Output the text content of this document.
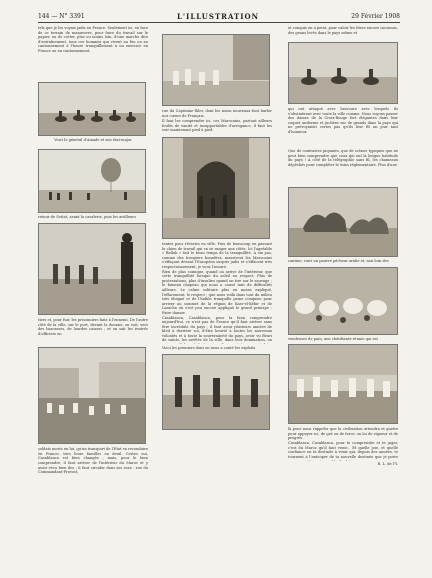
144 — N° 3391	L'ILLUSTRATION	29 Février 1908
tels que je les voyais jadis en France. Seulement ici, en face de ce terrain de manœuvre, pour fuire du travail sur le papier, ou de cotter, plus ou moins loin, d'une marche dite d'entraînement, tous ces hommes qui vivent au feu ou au cantonnement à l'heure tranquillement à un exercice en France ou en cantonnement.
Voici le général d'Amade et son état-major
retour de Settat, avant la cavalerie, puis les artilleurs
tiers et, pour fuir, les prisonniers faits à l'ennemi. De l'autre côté de la ville, sur le port, devant la douane, on voit, vers des barcasses, de lourdes caisses ; et on sait les rentrés d'officiers en
soldats morts en lui, qu'un transport de l'État va reconduire en France, vers leurs familles en deuil. Certes oui, Casablanca est bien changée ; mais, pour le bien comprendre, il faut arriver de l'intérieur du Maroc et y avoir vécu bien des ; il faut circuler dans ses rues : rue du Commandant-Provost,
rue du Capitaine-Ihler, dont les noms nouveaux font hurler nos cœurs de Français.
Il faut les comprendre ici, ces Marocains, partout ailleurs foulés de vanité et insupportables d'arrogance, il faut les voir maintenant pied à pied.
tentes pour rêveries en ville. Puis de beaucoup en passant le chien de travail qui va se ranger aux côtés. Ici l'agréable « Ballah » fait le beau temps de la tranquillité. À six pas, comme des troupiers honnêtes, massivent les Marocains s'effaçant devant l'Européen surpris jadis et s'effacent très respectueusement, je vous l'assure.
Rien de plus comique, quand on arrive de l'intérieur, que cette tranquillité lorsque du soleil au respect. Plus de protestations, plus d'insultes quand on tire sur le sauvage ; le fameux chapeau qui nous a causé tant de difficultés ailleurs. Le calme solitaire plus en moins expliqué, l'effacement, le respect ; que nous voilà dans tout du milieu très éloigné et de l'habile tranquille peine conquise pour arriver au sommet de la région de Kasr-el-Kébir et de Larache où s'est peu encore appliqué le grand principe : Faire danser.
Casablanca, Casablanca, pour la bien comprendre aujourd'hui, ce n'est pas de France qu'il faut arriver sans être incrédule du pays ; il faut avoir plusieurs années de bled à derrière soi, d'être heurté à toutes les nouveaux volontés et à toute la souveraineté du pays, avoir vu fleuri de saints, les arrêtés de la ville, dans leur domination, on
Voici les premiers dont on nous a conté les exploits
et conquis en a peint, pour valoir les titres encore inconnus, des geans levés dans le pays même et
qui ont attaqué avec bravoure avec lesquels ils s'obstinèrent avec toute la ville comme. Nous voyons passer des dames de la Croix-Rouge fort élégantes dans leur coquet uniforme et juchées sur de grands dans la pays qui ne prévoyaient certes pas qu'ils leur fît un jour tant d'honneur.
Que de contrastes piquants, que de scènes typiques que ne peut bien comprendre que ceux qui ont la longue habitude du pays ! À côté de la télégraphie sans fil, les chameaux dépêchés pour compléter le train réglementaire. Plus d'une
cantine, voici un pauvre pécheur arabe et, non loin des
vendeuses de pain, une chérifiante réunie qui est
là pour nous rappeler que la civilisation attendra et guette pour appuyer ici, de gré ou de force, sa loi de rigueur et de progrès.
Casablanca, Casablanca, pour te comprendre et te juger, c'est du Maroc qu'il faut venir... Et quelle joie, et quelle confiance en ta destinée à venir qui, depuis des années, te tournent à l'anticiper de ta nouvelle destinée que je porte
R. L. de l'Y.
